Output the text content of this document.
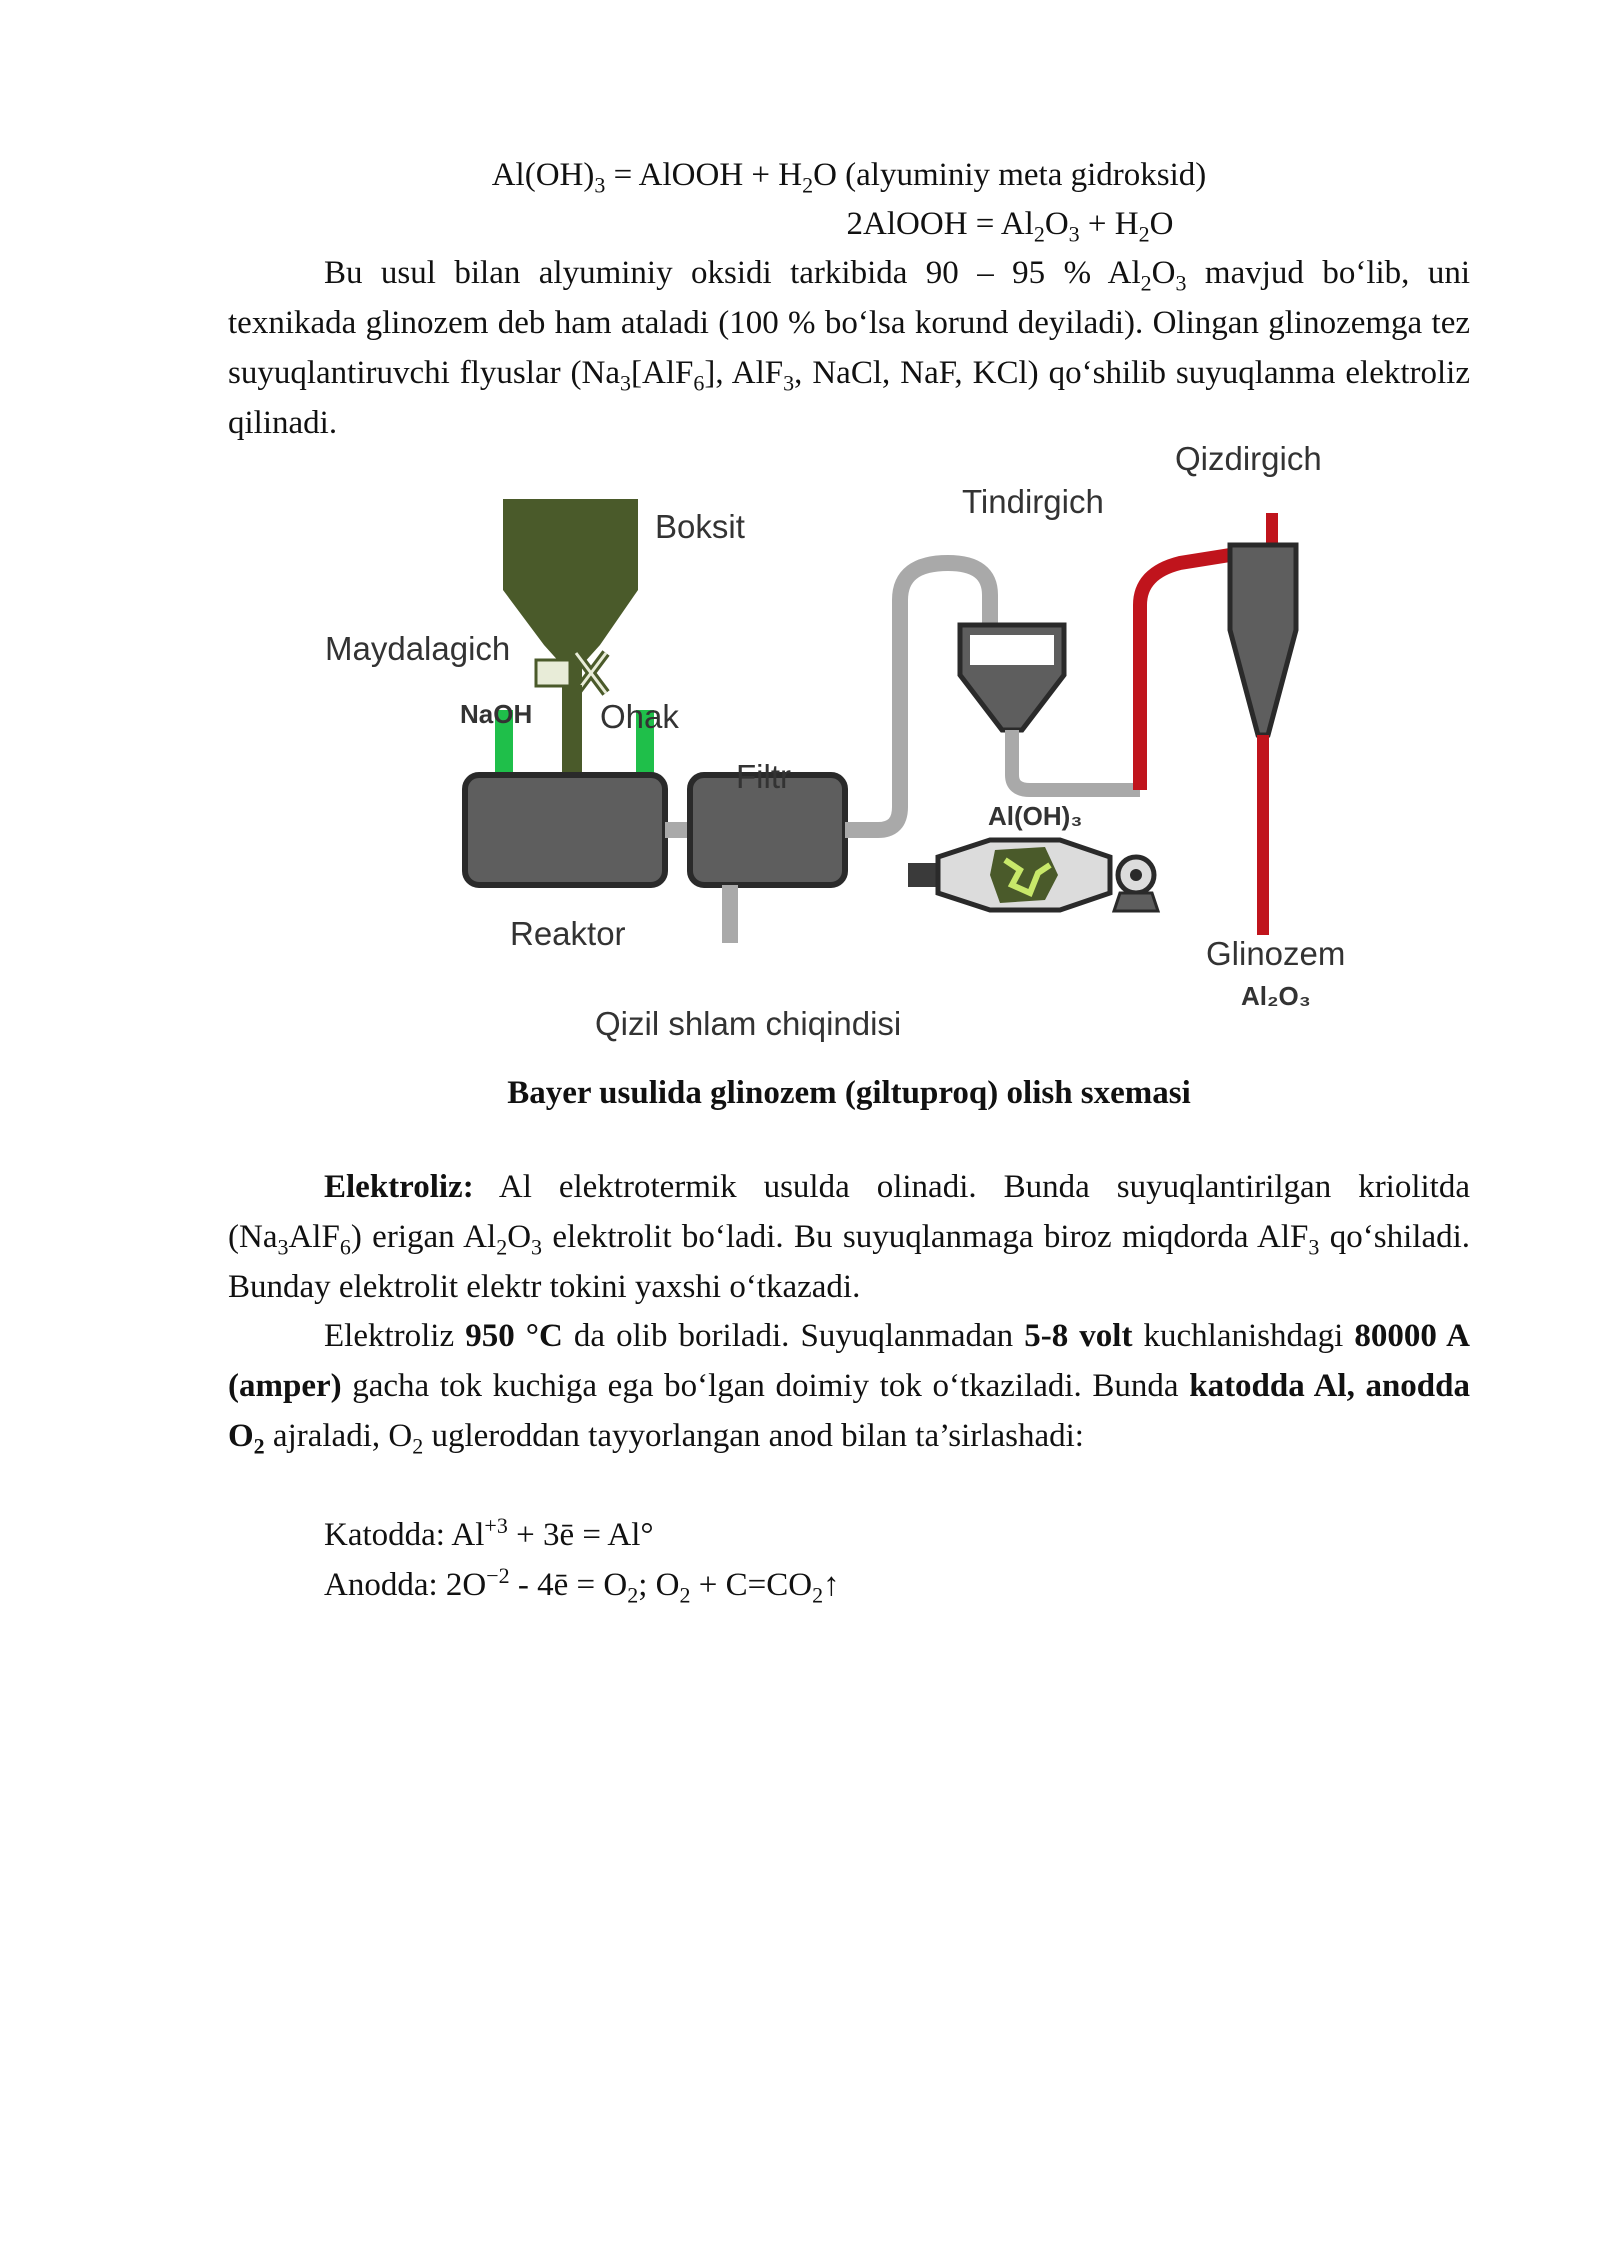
$Al(OH)_3$ = AlOOH + $H_2O$ (alyuminiy meta gidroksid)
2AlOOH = $Al_2O_3 + H_2O$

Bu usul bilan alyuminiy oksidi tarkibida 90 – 95 % $Al_2O_3$ mavjud bo‘lib, uni texnikada glinozem deb ham ataladi (100 % bo‘lsa korund deyiladi). Olingan glinozemga tez suyuqlantiruvchi flyuslar ($Na_3[AlF_6]$, AlF$_3$, NaCl, NaF, KCl) qo‘shilib suyuqlanma elektroliz qilinadi.

Boksit
Maydalagich
NaOH Ohak
Filtr
Reaktor
Qizil shlam chiqindisi
Tindirgich
Qizdirgich
Al(OH)₃
Glinozem
Al₂O₃
Bayer usulida glinozem (giltuproq) olish sxemasi

Elektroliz: Al elektrotermik usulda olinadi. Bunda suyuqlantirilgan kriolitda $(Na_3AlF_6)$ erigan $Al_2O_3$ elektrolit bo‘ladi. Bu suyuqlanmaga biroz miqdorda AlF$_3$ qo‘shiladi. Bunday elektrolit elektr tokini yaxshi o‘tkazadi.

Elektroliz 950 °C da olib boriladi. Suyuqlanmadan 5-8 volt kuchlanishdagi 80000 A (amper) gacha tok kuchiga ega bo‘lgan doimiy tok o‘tkaziladi. Bunda katodda Al, anodda $O_2$ ajraladi, $O_2$ ugleroddan tayyorlangan anod bilan ta’sirlashadi:

Katodda: $Al^{+3}$ + 3ē = Al°

Anodda: $2O^{-2}$ - 4ē = $O_2$; $O_2$ + $C=CO_2↑$
